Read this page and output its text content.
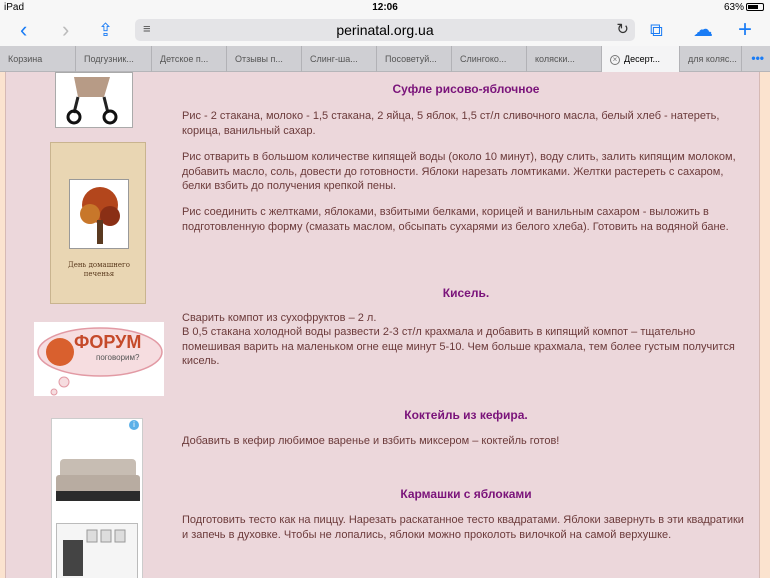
iPad	12:06	63%
‹ › ⇪ ≡	perinatal.org.ua	↻ ⧉ ☁ +
Корзина	Подгузник...	Детское п...	Отзывы п...	Слинг-ша...	Посоветуй...	Слингоко...	коляски...	× Десерт...	для коляс...	•••
День домашнего печенья
ФОРУМ
поговорим?
i
Суфле рисово-яблочное
Рис - 2 стакана, молоко - 1,5 стакана, 2 яйца, 5 яблок, 1,5 ст/л сливочного масла, белый хлеб - натереть, корица, ванильный сахар.
Рис отварить в большом количестве кипящей воды (около 10 минут), воду слить, залить кипящим молоком, добавить масло, соль, довести до готовности. Яблоки нарезать ломтиками. Желтки растереть с сахаром, белки взбить до получения крепкой пены.
Рис соединить с желтками, яблоками, взбитыми белками, корицей и ванильным сахаром - выложить в подготовленную форму (смазать маслом, обсыпать сухарями из белого хлеба). Готовить на водяной бане.
Кисель.
Сварить компот из сухофруктов – 2 л.
В 0,5 стакана холодной воды развести 2-3 ст/л крахмала и добавить в кипящий компот – тщательно помешивая варить на маленьком огне еще минут 5-10. Чем больше крахмала, тем более густым получится кисель.
Коктейль из кефира.
Добавить в кефир любимое варенье и взбить миксером – коктейль готов!
Кармашки с яблоками
Подготовить тесто как на пиццу. Нарезать раскатанное тесто квадратами. Яблоки завернуть в эти квадратики и запечь в духовке. Чтобы не лопались, яблоки можно проколоть вилочкой на самой верхушке.
